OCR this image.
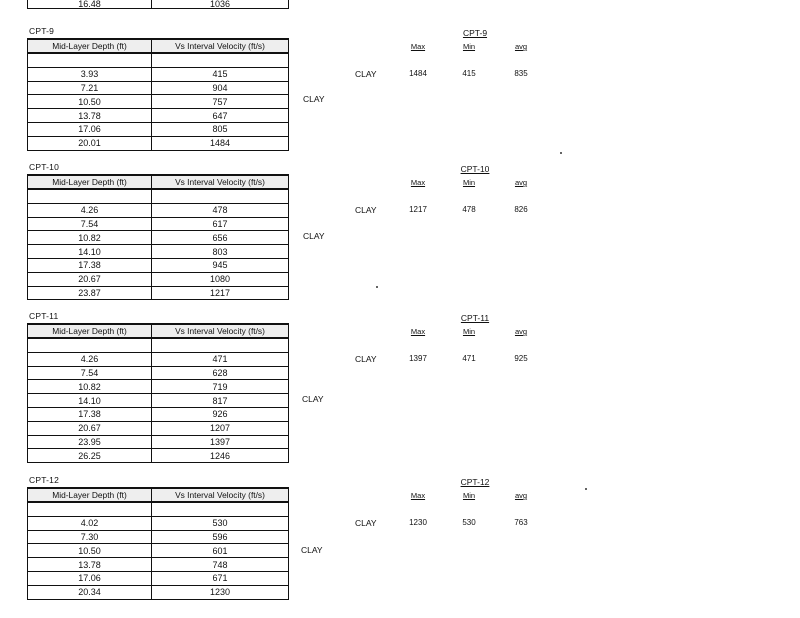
16.48	1036
CPT-9
Mid-Layer Depth (ft)	Vs Interval Velocity (ft/s)

3.93	415
7.21	904
10.50	757
13.78	647
17.06	805
20.01	1484
CLAY
CPT-9
Max	Min	avg
CLAY	1484	415	835
CPT-10
Mid-Layer Depth (ft)	Vs Interval Velocity (ft/s)

4.26	478
7.54	617
10.82	656
14.10	803
17.38	945
20.67	1080
23.87	1217
CLAY
CPT-10
Max	Min	avg
CLAY	1217	478	826
CPT-11
Mid-Layer Depth (ft)	Vs Interval Velocity (ft/s)

4.26	471
7.54	628
10.82	719
14.10	817
17.38	926
20.67	1207
23.95	1397
26.25	1246
CLAY
CPT-11
Max	Min	avg
CLAY	1397	471	925
CPT-12
Mid-Layer Depth (ft)	Vs Interval Velocity (ft/s)

4.02	530
7.30	596
10.50	601
13.78	748
17.06	671
20.34	1230
CLAY
CPT-12
Max	Min	avg
CLAY	1230	530	763
